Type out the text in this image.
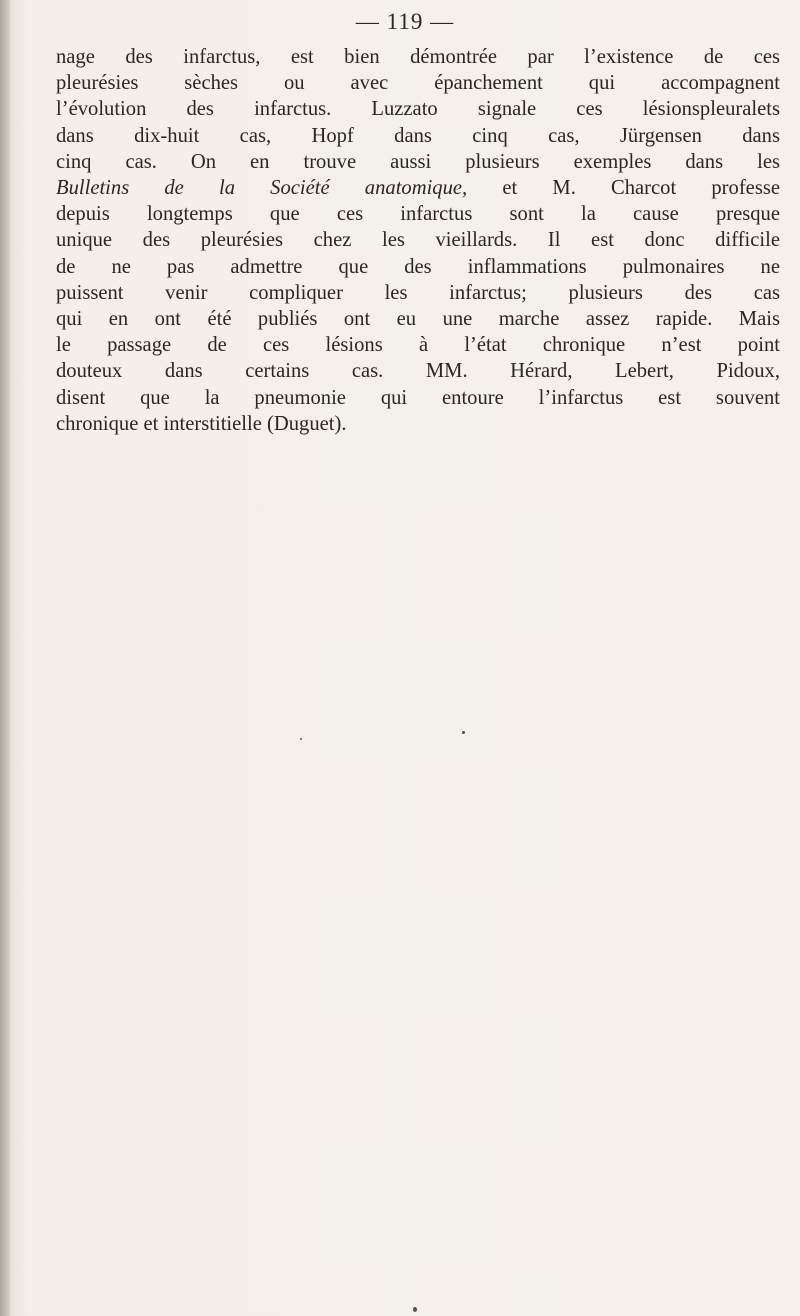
— 119 —
nage des infarctus, est bien démontrée par l’existence de ces
pleurésies sèches ou avec épanchement qui accompagnent
l’évolution des infarctus. Luzzato signale ces lésionspleuralets
dans dix-huit cas, Hopf dans cinq cas, Jürgensen dans
cinq cas. On en trouve aussi plusieurs exemples dans les
Bulletins de la Société anatomique, et M. Charcot professe
depuis longtemps que ces infarctus sont la cause presque
unique des pleurésies chez les vieillards. Il est donc difficile
de ne pas admettre que des inflammations pulmonaires ne
puissent venir compliquer les infarctus; plusieurs des cas
qui en ont été publiés ont eu une marche assez rapide. Mais
le passage de ces lésions à l’état chronique n’est point
douteux dans certains cas. MM. Hérard, Lebert, Pidoux,
disent que la pneumonie qui entoure l’infarctus est souvent
chronique et interstitielle (Duguet).
